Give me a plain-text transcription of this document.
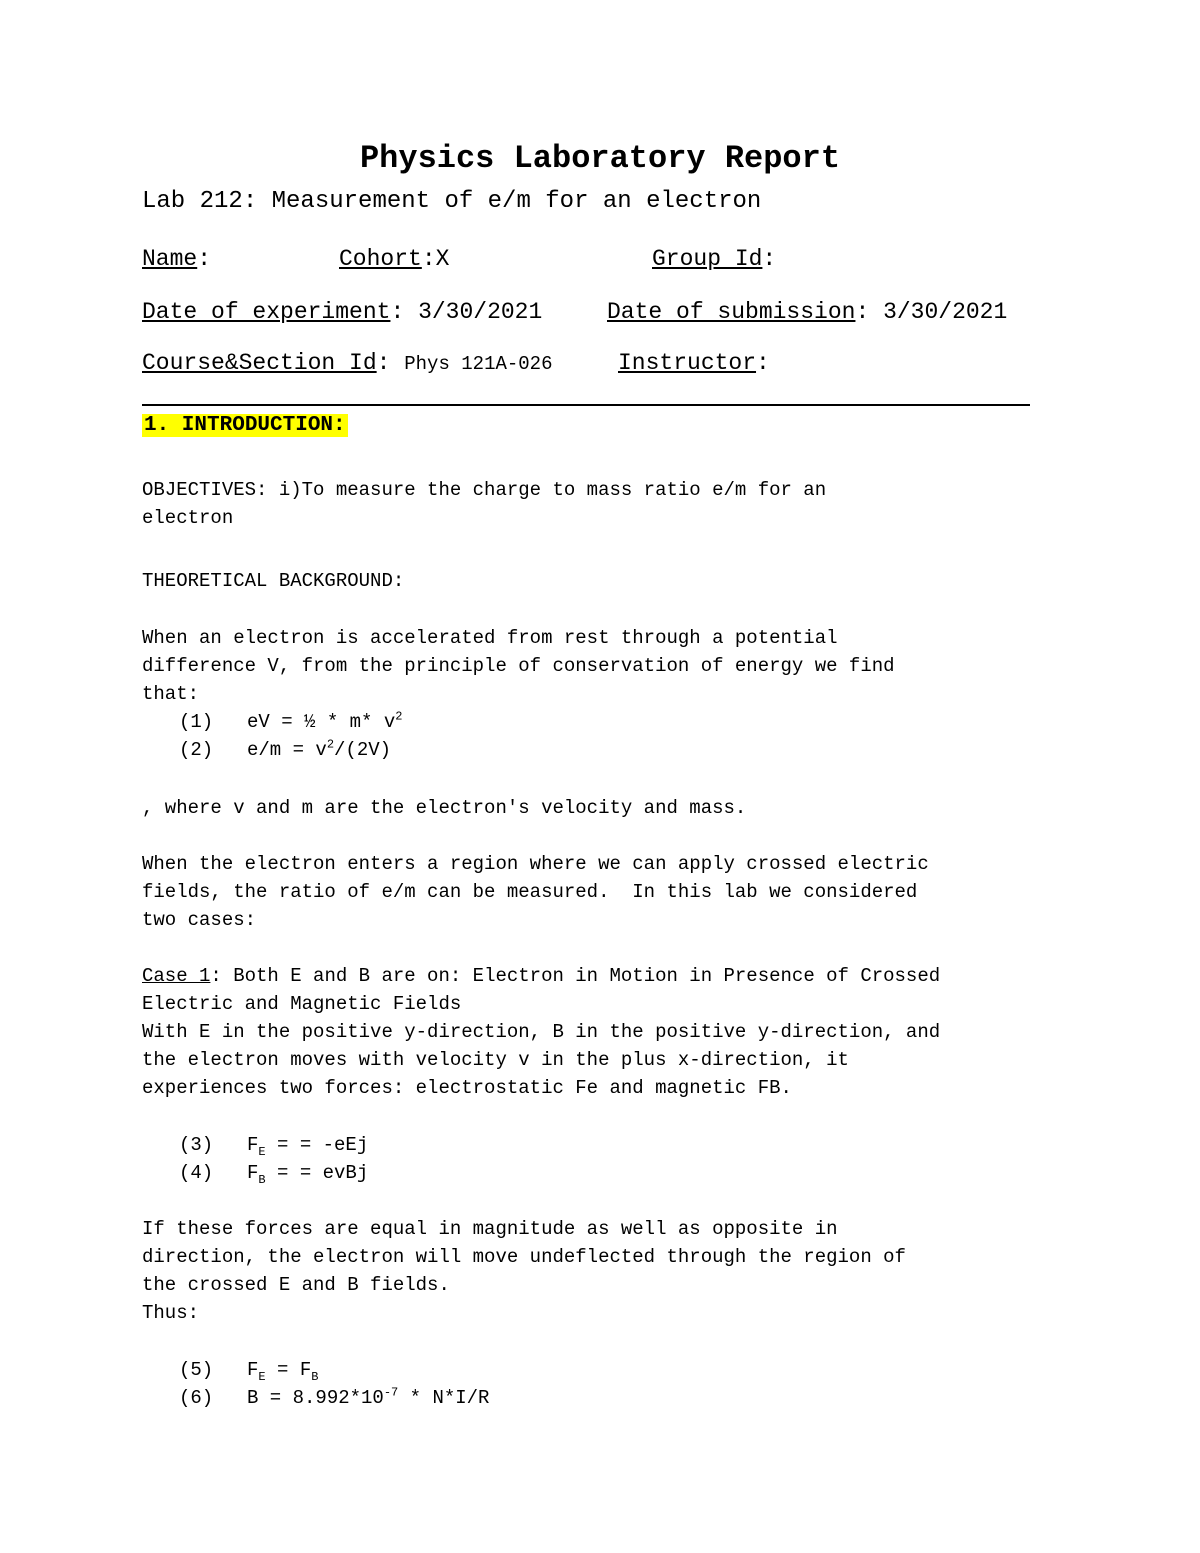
Physics Laboratory Report
Lab 212: Measurement of e/m for an electron
Name:	Cohort:X	Group Id:
Date of experiment: 3/30/2021	Date of submission: 3/30/2021
Course&Section Id: Phys 121A-026	Instructor:
1. INTRODUCTION:
OBJECTIVES: i)To measure the charge to mass ratio e/m for an
electron
THEORETICAL BACKGROUND:
When an electron is accelerated from rest through a potential
difference V, from the principle of conservation of energy we find
that:
(1) eV = ½ * m* $v^2$
(2) $e/m = v^2/(2V)$
, where v and m are the electron's velocity and mass.
When the electron enters a region where we can apply crossed electric
fields, the ratio of e/m can be measured.  In this lab we considered
two cases:
Case 1: Both E and B are on: Electron in Motion in Presence of Crossed
Electric and Magnetic Fields
With E in the positive y-direction, B in the positive y-direction, and
the electron moves with velocity v in the plus x-direction, it
experiences two forces: electrostatic Fe and magnetic FB.
(3) $F_E$ = = -eEj
(4) $F_B$ = = evBj
If these forces are equal in magnitude as well as opposite in
direction, the electron will move undeflected through the region of
the crossed E and B fields.
Thus:
(5) $F_E = F_B$
(6) $B = 8.992*10^{-7} * N*I/R$
